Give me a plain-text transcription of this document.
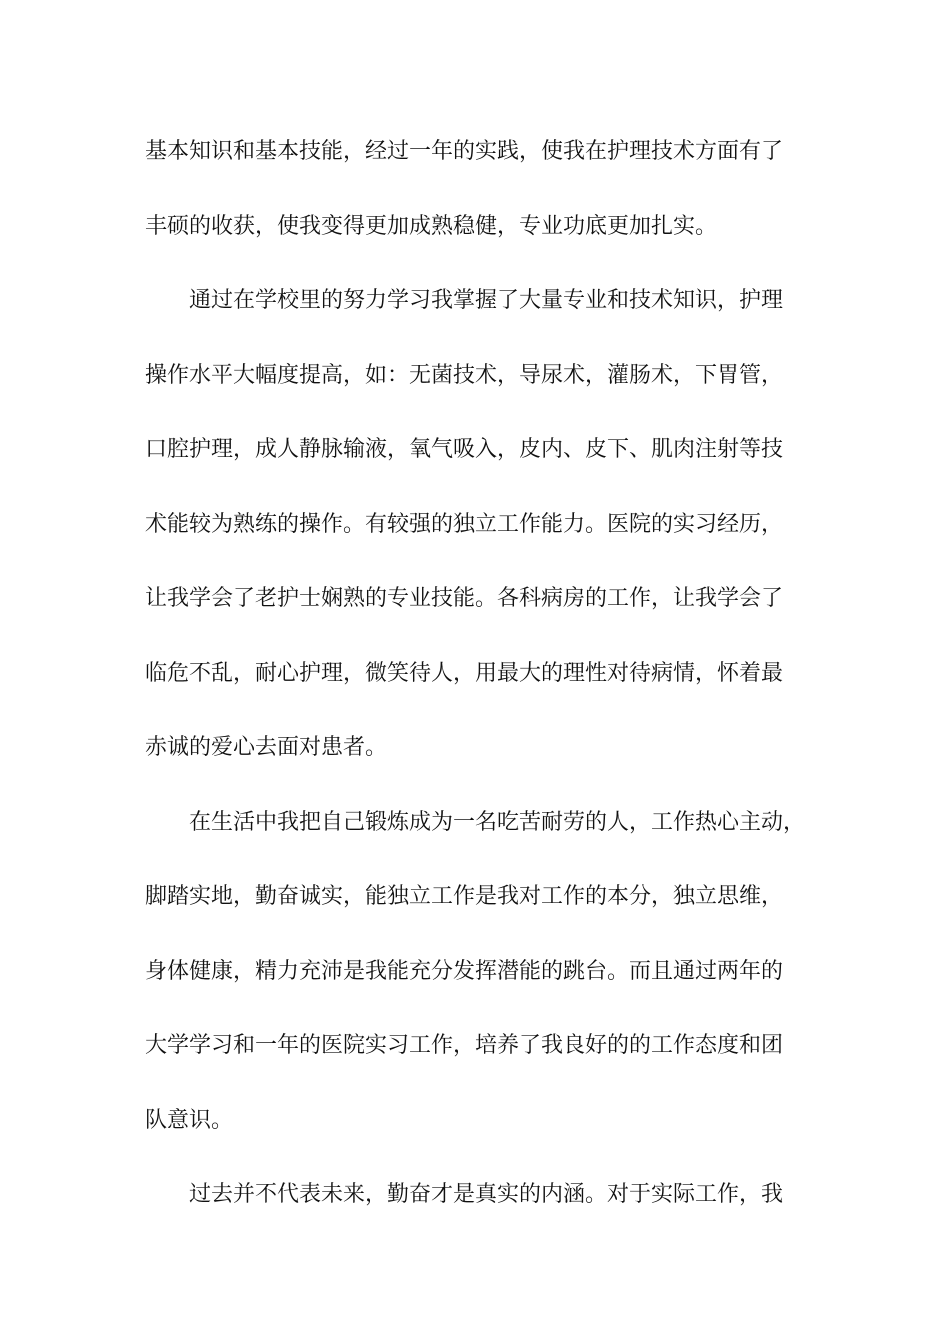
基本知识和基本技能，经过一年的实践，使我在护理技术方面有了
丰硕的收获，使我变得更加成熟稳健，专业功底更加扎实。
通过在学校里的努力学习我掌握了大量专业和技术知识，护理
操作水平大幅度提高，如：无菌技术，导尿术，灌肠术，下胃管，
口腔护理，成人静脉输液，氧气吸入，皮内、皮下、肌肉注射等技
术能较为熟练的操作。有较强的独立工作能力。医院的实习经历，
让我学会了老护士娴熟的专业技能。各科病房的工作，让我学会了
临危不乱，耐心护理，微笑待人，用最大的理性对待病情，怀着最
赤诚的爱心去面对患者。
在生活中我把自己锻炼成为一名吃苦耐劳的人，工作热心主动，
脚踏实地，勤奋诚实，能独立工作是我对工作的本分，独立思维，
身体健康，精力充沛是我能充分发挥潜能的跳台。而且通过两年的
大学学习和一年的医院实习工作，培养了我良好的的工作态度和团
队意识。
过去并不代表未来，勤奋才是真实的内涵。对于实际工作，我
